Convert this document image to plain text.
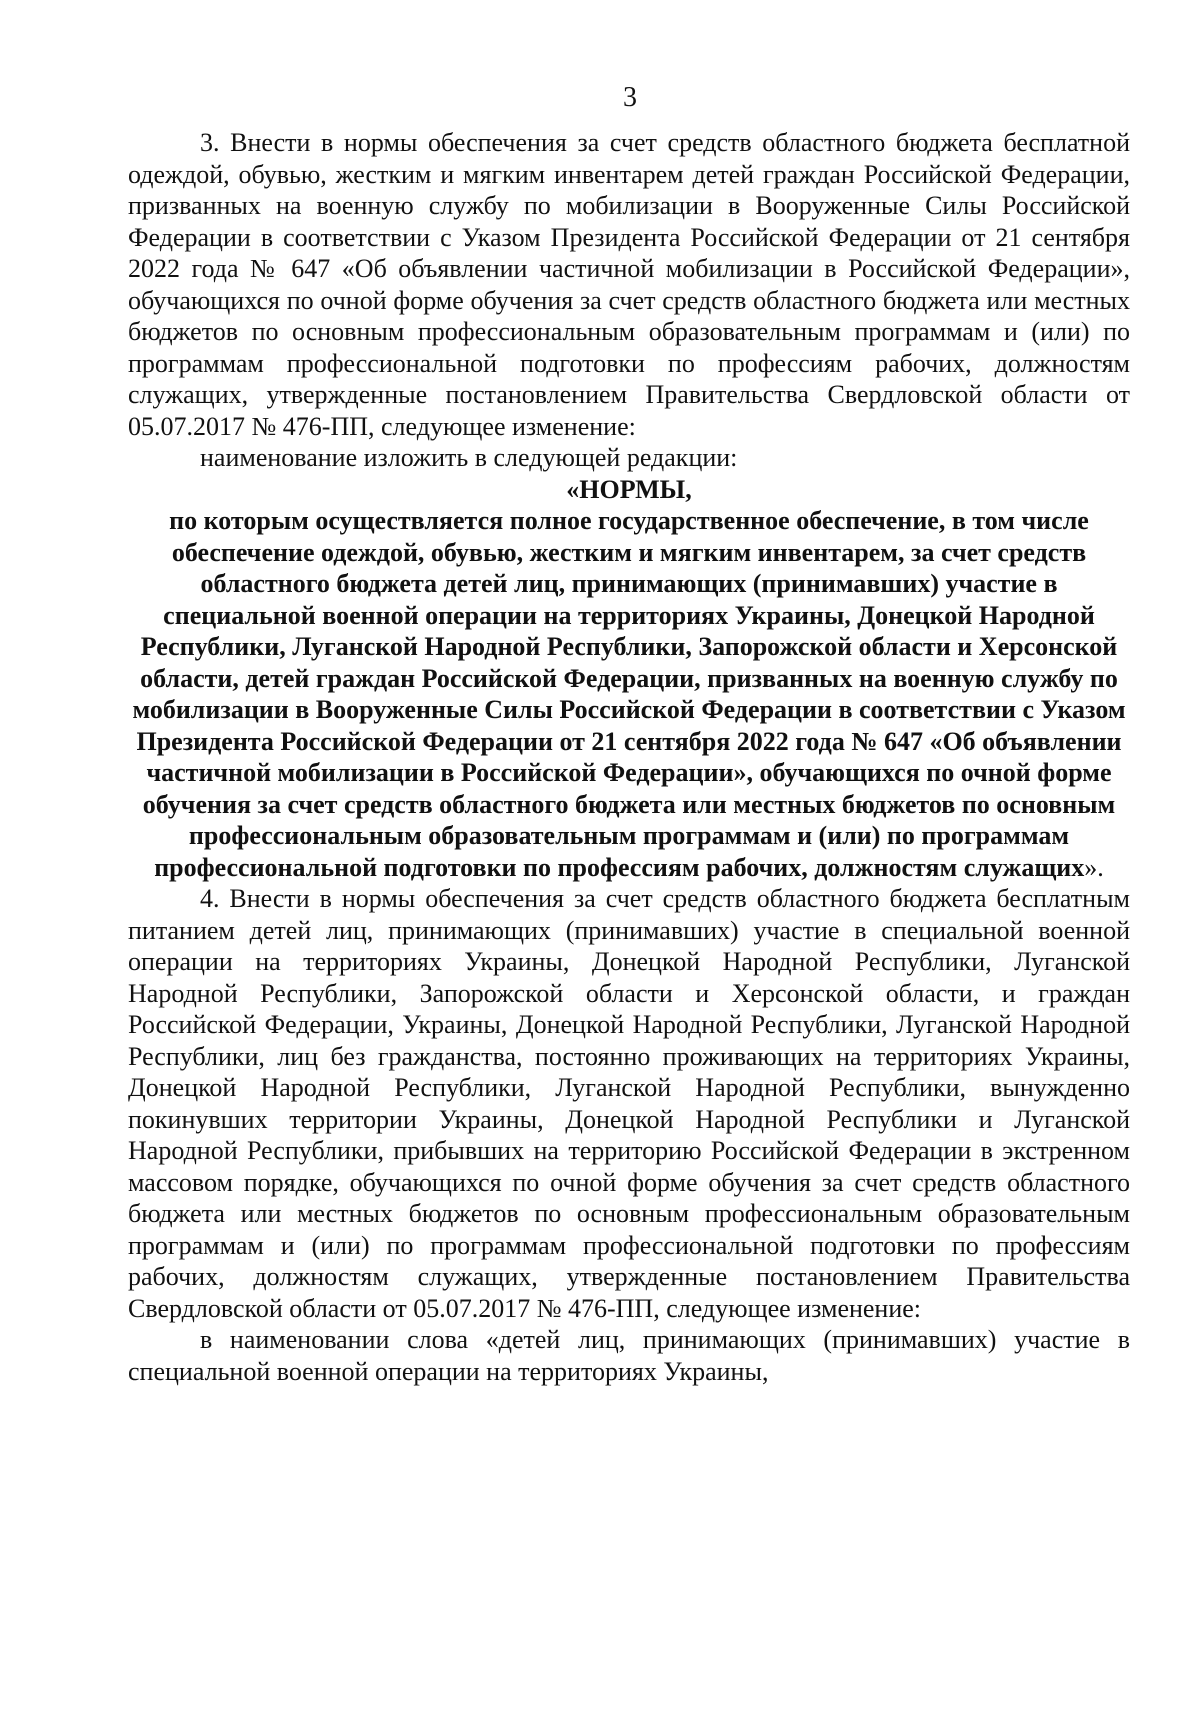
3

3. Внести в нормы обеспечения за счет средств областного бюджета бесплатной одеждой, обувью, жестким и мягким инвентарем детей граждан Российской Федерации, призванных на военную службу по мобилизации в Вооруженные Силы Российской Федерации в соответствии с Указом Президента Российской Федерации от 21 сентября 2022 года № 647 «Об объявлении частичной мобилизации в Российской Федерации», обучающихся по очной форме обучения за счет средств областного бюджета или местных бюджетов по основным профессиональным образовательным программам и (или) по программам профессиональной подготовки по профессиям рабочих, должностям служащих, утвержденные постановлением Правительства Свердловской области от 05.07.2017 № 476-ПП, следующее изменение:

наименование изложить в следующей редакции:

«НОРМЫ,
по которым осуществляется полное государственное обеспечение, в том числе обеспечение одеждой, обувью, жестким и мягким инвентарем, за счет средств областного бюджета детей лиц, принимающих (принимавших) участие в специальной военной операции на территориях Украины, Донецкой Народной Республики, Луганской Народной Республики, Запорожской области и Херсонской области, детей граждан Российской Федерации, призванных на военную службу по мобилизации в Вооруженные Силы Российской Федерации в соответствии с Указом Президента Российской Федерации от 21 сентября 2022 года № 647 «Об объявлении частичной мобилизации в Российской Федерации», обучающихся по очной форме обучения за счет средств областного бюджета или местных бюджетов по основным профессиональным образовательным программам и (или) по программам профессиональной подготовки по профессиям рабочих, должностям служащих».

4. Внести в нормы обеспечения за счет средств областного бюджета бесплатным питанием детей лиц, принимающих (принимавших) участие в специальной военной операции на территориях Украины, Донецкой Народной Республики, Луганской Народной Республики, Запорожской области и Херсонской области, и граждан Российской Федерации, Украины, Донецкой Народной Республики, Луганской Народной Республики, лиц без гражданства, постоянно проживающих на территориях Украины, Донецкой Народной Республики, Луганской Народной Республики, вынужденно покинувших территории Украины, Донецкой Народной Республики и Луганской Народной Республики, прибывших на территорию Российской Федерации в экстренном массовом порядке, обучающихся по очной форме обучения за счет средств областного бюджета или местных бюджетов по основным профессиональным образовательным программам и (или) по программам профессиональной подготовки по профессиям рабочих, должностям служащих, утвержденные постановлением Правительства Свердловской области от 05.07.2017 № 476-ПП, следующее изменение:

в наименовании слова «детей лиц, принимающих (принимавших) участие в специальной военной операции на территориях Украины,
